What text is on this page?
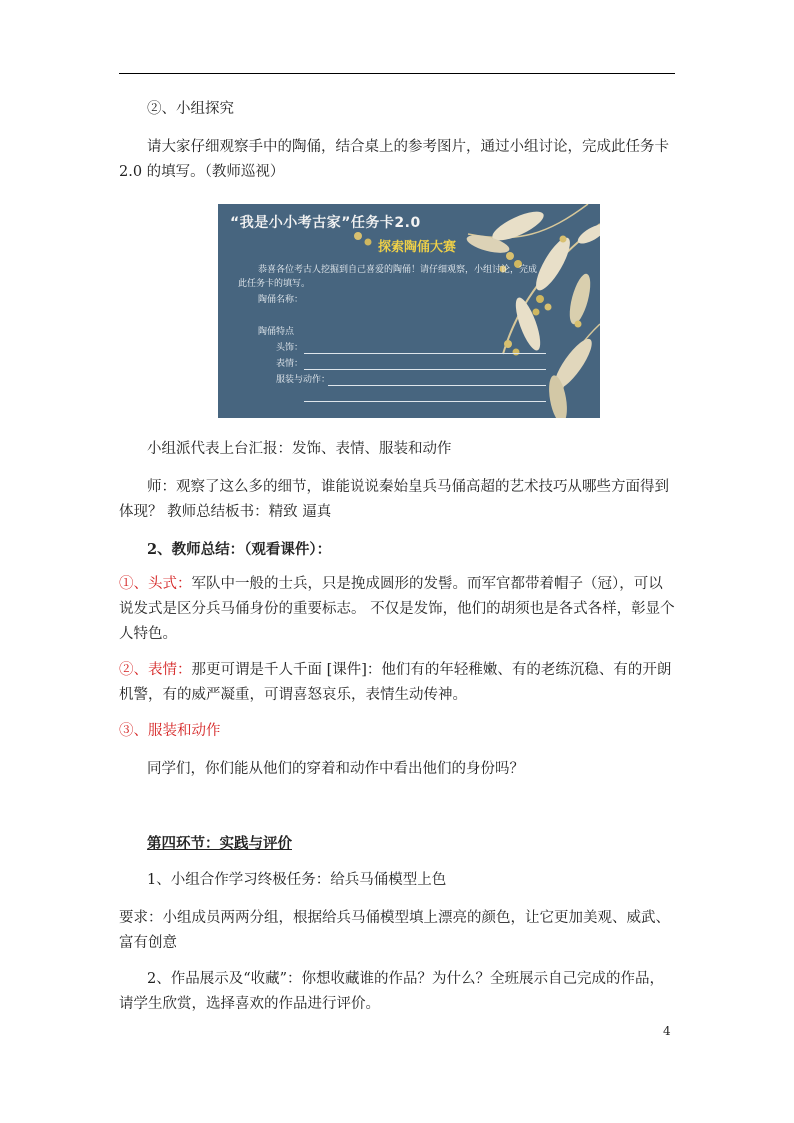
②、小组探究

请大家仔细观察手中的陶俑，结合桌上的参考图片，通过小组讨论，完成此任务卡 2.0 的填写。（教师巡视）

“我是小小考古家”任务卡2.0
探索陶俑大赛
恭喜各位考古人挖掘到自己喜爱的陶俑！请仔细观察，小组讨论，完成
此任务卡的填写。
陶俑名称：
陶俑特点
头饰：
表情：
服装与动作：

小组派代表上台汇报：发饰、表情、服装和动作

师：观察了这么多的细节，谁能说说秦始皇兵马俑高超的艺术技巧从哪些方面得到体现？ 教师总结板书：精致 逼真

2、教师总结：（观看课件）：

①、头式：军队中一般的士兵，只是挽成圆形的发髻。而军官都带着帽子（冠），可以说发式是区分兵马俑身份的重要标志。 不仅是发饰，他们的胡须也是各式各样，彰显个人特色。

②、表情：那更可谓是千人千面 [课件]：他们有的年轻稚嫩、有的老练沉稳、有的开朗机警，有的威严凝重，可谓喜怒哀乐，表情生动传神。

③、服装和动作

同学们，你们能从他们的穿着和动作中看出他们的身份吗？

第四环节：实践与评价

1、小组合作学习终极任务：给兵马俑模型上色

要求：小组成员两两分组，根据给兵马俑模型填上漂亮的颜色，让它更加美观、威武、富有创意

2、作品展示及“收藏”：你想收藏谁的作品？为什么？全班展示自己完成的作品，请学生欣赏，选择喜欢的作品进行评价。

4
